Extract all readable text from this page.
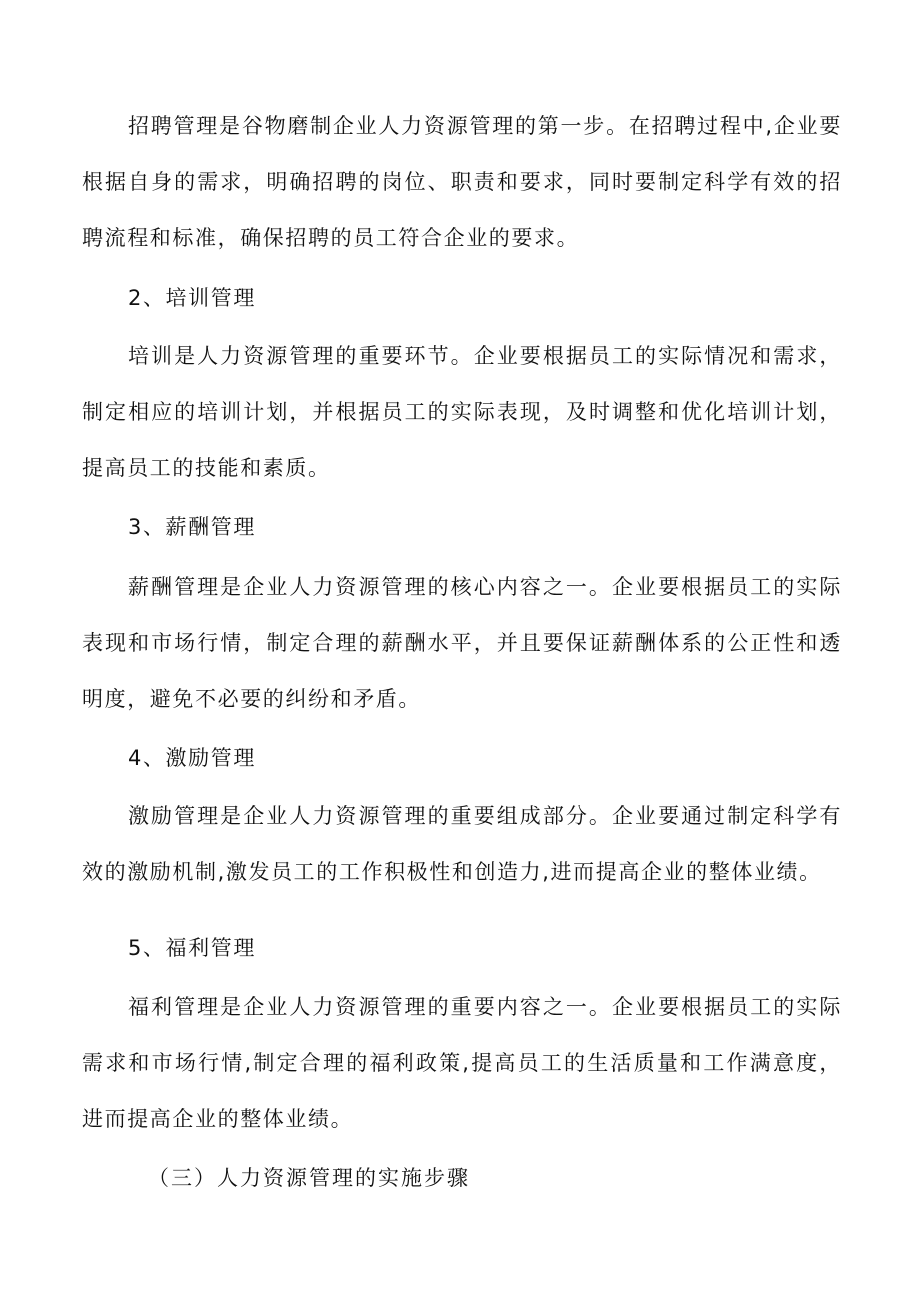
招聘管理是谷物磨制企业人力资源管理的第一步。在招聘过程中,企业要根据自身的需求，明确招聘的岗位、职责和要求，同时要制定科学有效的招聘流程和标准，确保招聘的员工符合企业的要求。

2、培训管理

培训是人力资源管理的重要环节。企业要根据员工的实际情况和需求，制定相应的培训计划，并根据员工的实际表现，及时调整和优化培训计划，提高员工的技能和素质。

3、薪酬管理

薪酬管理是企业人力资源管理的核心内容之一。企业要根据员工的实际表现和市场行情，制定合理的薪酬水平，并且要保证薪酬体系的公正性和透明度，避免不必要的纠纷和矛盾。

4、激励管理

激励管理是企业人力资源管理的重要组成部分。企业要通过制定科学有效的激励机制,激发员工的工作积极性和创造力,进而提高企业的整体业绩。

5、福利管理

福利管理是企业人力资源管理的重要内容之一。企业要根据员工的实际需求和市场行情,制定合理的福利政策,提高员工的生活质量和工作满意度，进而提高企业的整体业绩。

（三）人力资源管理的实施步骤
